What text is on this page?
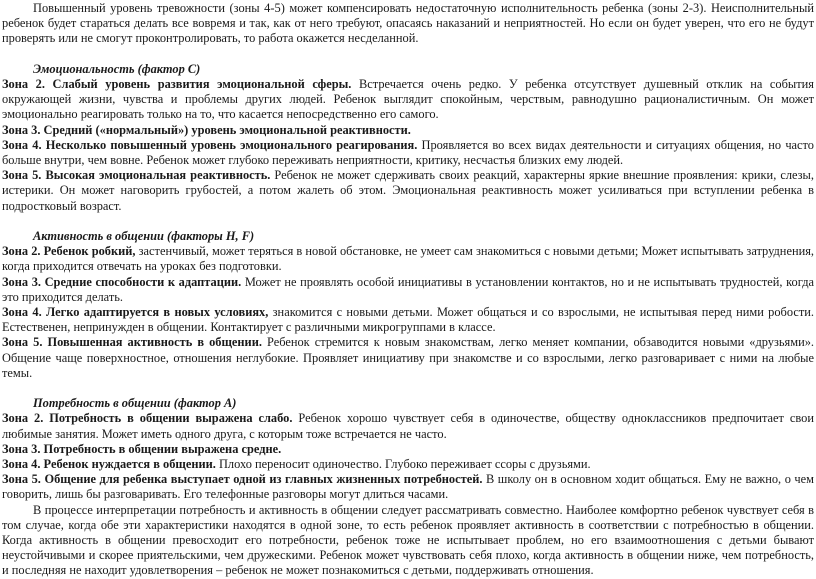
Повышенный уровень тревожности (зоны 4-5) может компенсировать недостаточную исполнительность ребенка (зоны 2-3). Неисполнительный ребенок будет стараться делать все вовремя и так, как от него требуют, опасаясь наказаний и неприятностей. Но если он будет уверен, что его не будут проверять или не смогут проконтролировать, то работа окажется несделанной.

Эмоциональность (фактор С)

Зона 2. Слабый уровень развития эмоциональной сферы. Встречается очень редко. У ребенка отсутствует душевный отклик на события окружающей жизни, чувства и проблемы других людей. Ребенок выглядит спокойным, черствым, равнодушно рационалистичным. Он может эмоционально реагировать только на то, что касается непосредственно его самого.

Зона 3. Средний («нормальный») уровень эмоциональной реактивности.

Зона 4. Несколько повышенный уровень эмоционального реагирования. Проявляется во всех видах деятельности и ситуациях общения, но часто больше внутри, чем вовне. Ребенок может глубоко переживать неприятности, критику, несчастья близких ему людей.

Зона 5. Высокая эмоциональная реактивность. Ребенок не может сдерживать своих реакций, характерны яркие внешние проявления: крики, слезы, истерики. Он может наговорить грубостей, а потом жалеть об этом. Эмоциональная реактивность может усиливаться при вступлении ребенка в подростковый возраст.

Активность в общении (факторы Н, F)

Зона 2. Ребенок робкий, застенчивый, может теряться в новой обстановке, не умеет сам знакомиться с новыми детьми; Может испытывать затруднения, когда приходится отвечать на уроках без подготовки.

Зона 3. Средние способности к адаптации. Может не проявлять особой инициативы в установлении контактов, но и не испытывать трудностей, когда это приходится делать.

Зона 4. Легко адаптируется в новых условиях, знакомится с новыми детьми. Может общаться и со взрослыми, не испытывая перед ними робости. Естественен, непринужден в общении. Контактирует с различными микрогруппами в классе.

Зона 5. Повышенная активность в общении. Ребенок стремится к новым знакомствам, легко меняет компании, обзаводится новыми «друзьями». Общение чаще поверхностное, отношения неглубокие. Проявляет инициативу при знакомстве и со взрослыми, легко разговаривает с ними на любые темы.

Потребность в общении (фактор А)

Зона 2. Потребность в общении выражена слабо. Ребенок хорошо чувствует себя в одиночестве, обществу одноклассников предпочитает свои любимые занятия. Может иметь одного друга, с которым тоже встречается не часто.

Зона 3. Потребность в общении выражена средне.

Зона 4. Ребенок нуждается в общении. Плохо переносит одиночество. Глубоко переживает ссоры с друзьями.

Зона 5. Общение для ребенка выступает одной из главных жизненных потребностей. В школу он в основном ходит общаться. Ему не важно, о чем говорить, лишь бы разговаривать. Его телефонные разговоры могут длиться часами.

В процессе интерпретации потребность и активность в общении следует рассматривать совместно. Наиболее комфортно ребенок чувствует себя в том случае, когда обе эти характеристики находятся в одной зоне, то есть ребенок проявляет активность в соответствии с потребностью в общении. Когда активность в общении превосходит его потребности, ребенок тоже не испытывает проблем, но его взаимоотношения с детьми бывают неустойчивыми и скорее приятельскими, чем дружескими. Ребенок может чувствовать себя плохо, когда активность в общении ниже, чем потребность, и последняя не находит удовлетворения – ребенок не может познакомиться с детьми, поддерживать отношения.
